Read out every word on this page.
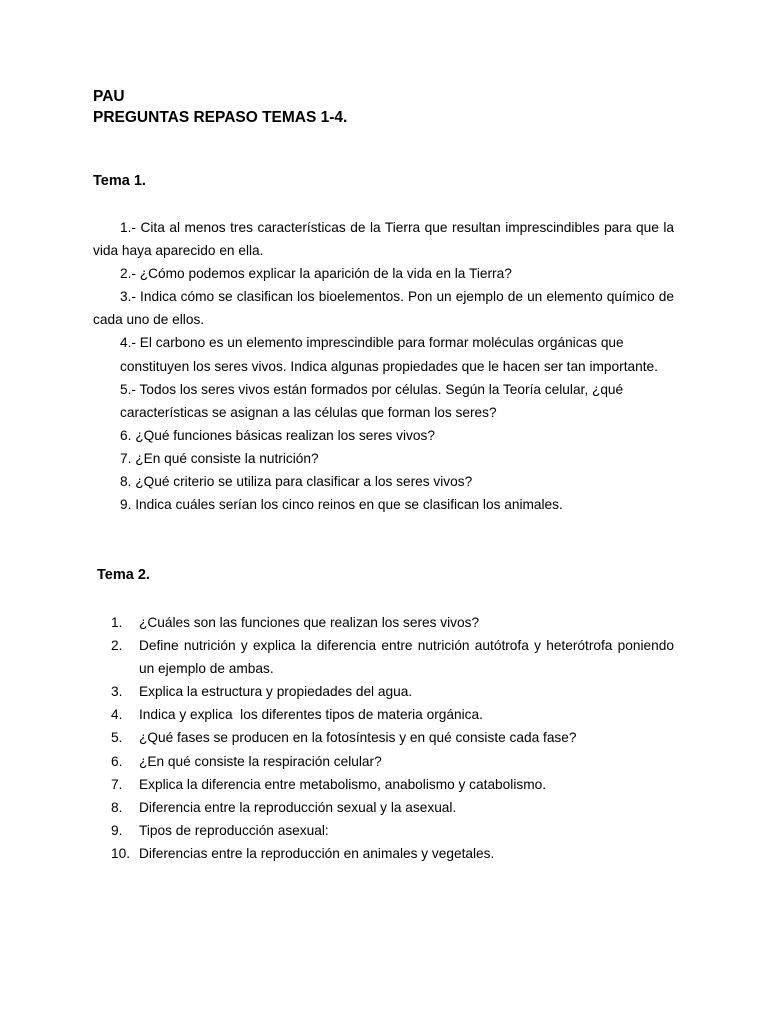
PAU
PREGUNTAS REPASO TEMAS 1-4.
Tema 1.

1.- Cita al menos tres características de la Tierra que resultan imprescindibles para que la vida haya aparecido en ella.

2.- ¿Cómo podemos explicar la aparición de la vida en la Tierra?

3.- Indica cómo se clasifican los bioelementos. Pon un ejemplo de un elemento químico de cada uno de ellos.

4.- El carbono es un elemento imprescindible para formar moléculas orgánicas que

constituyen los seres vivos. Indica algunas propiedades que le hacen ser tan importante.

5.- Todos los seres vivos están formados por células. Según la Teoría celular, ¿qué

características se asignan a las células que forman los seres?

6. ¿Qué funciones básicas realizan los seres vivos?

7. ¿En qué consiste la nutrición?

8. ¿Qué criterio se utiliza para clasificar a los seres vivos?

9. Indica cuáles serían los cinco reinos en que se clasifican los animales.

Tema 2.
1.	¿Cuáles son las funciones que realizan los seres vivos?
2.	Define nutrición y explica la diferencia entre nutrición autótrofa y heterótrofa poniendo un ejemplo de ambas.
3.	Explica la estructura y propiedades del agua.
4.	Indica y explica  los diferentes tipos de materia orgánica.
5.	¿Qué fases se producen en la fotosíntesis y en qué consiste cada fase?
6.	¿En qué consiste la respiración celular?
7.	Explica la diferencia entre metabolismo, anabolismo y catabolismo.
8.	Diferencia entre la reproducción sexual y la asexual.
9.	Tipos de reproducción asexual:
10. Diferencias entre la reproducción en animales y vegetales.
